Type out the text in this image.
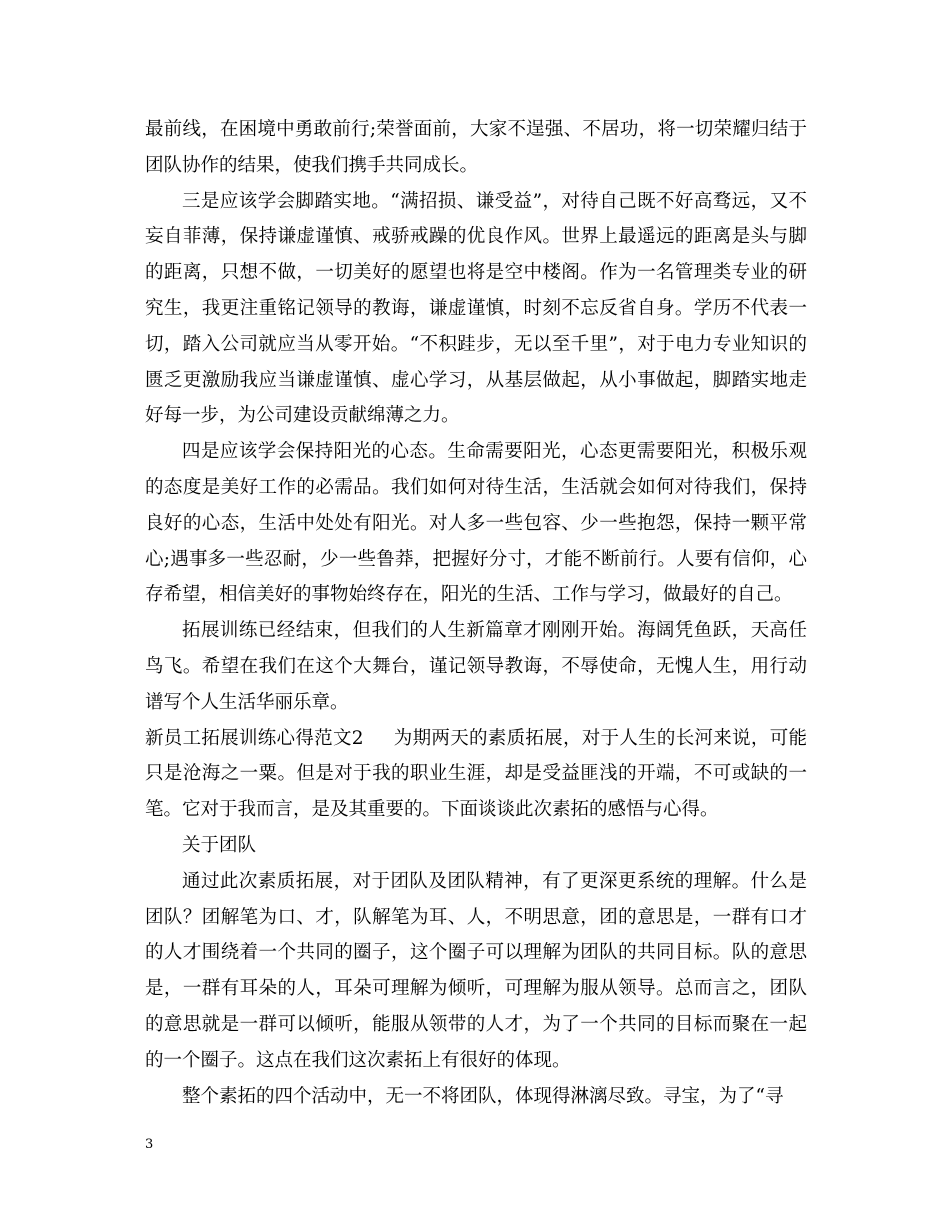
最前线，在困境中勇敢前行;荣誉面前，大家不逞强、不居功，将一切荣耀归结于团队协作的结果，使我们携手共同成长。

三是应该学会脚踏实地。“满招损、谦受益”，对待自己既不好高骛远，又不妄自菲薄，保持谦虚谨慎、戒骄戒躁的优良作风。世界上最遥远的距离是头与脚的距离，只想不做，一切美好的愿望也将是空中楼阁。作为一名管理类专业的研究生，我更注重铭记领导的教诲，谦虚谨慎，时刻不忘反省自身。学历不代表一切，踏入公司就应当从零开始。“不积跬步，无以至千里”，对于电力专业知识的匮乏更激励我应当谦虚谨慎、虚心学习，从基层做起，从小事做起，脚踏实地走好每一步，为公司建设贡献绵薄之力。

四是应该学会保持阳光的心态。生命需要阳光，心态更需要阳光，积极乐观的态度是美好工作的必需品。我们如何对待生活，生活就会如何对待我们，保持良好的心态，生活中处处有阳光。对人多一些包容、少一些抱怨，保持一颗平常心;遇事多一些忍耐，少一些鲁莽，把握好分寸，才能不断前行。人要有信仰，心存希望，相信美好的事物始终存在，阳光的生活、工作与学习，做最好的自己。

拓展训练已经结束，但我们的人生新篇章才刚刚开始。海阔凭鱼跃，天高任鸟飞。希望在我们在这个大舞台，谨记领导教诲，不辱使命，无愧人生，用行动谱写个人生活华丽乐章。

新员工拓展训练心得范文2 为期两天的素质拓展，对于人生的长河来说，可能只是沧海之一粟。但是对于我的职业生涯，却是受益匪浅的开端，不可或缺的一笔。它对于我而言，是及其重要的。下面谈谈此次素拓的感悟与心得。

关于团队

通过此次素质拓展，对于团队及团队精神，有了更深更系统的理解。什么是团队？团解笔为口、才，队解笔为耳、人，不明思意，团的意思是，一群有口才的人才围绕着一个共同的圈子，这个圈子可以理解为团队的共同目标。队的意思是，一群有耳朵的人，耳朵可理解为倾听，可理解为服从领导。总而言之，团队的意思就是一群可以倾听，能服从领带的人才，为了一个共同的目标而聚在一起的一个圈子。这点在我们这次素拓上有很好的体现。

整个素拓的四个活动中，无一不将团队，体现得淋漓尽致。寻宝，为了“寻

3
